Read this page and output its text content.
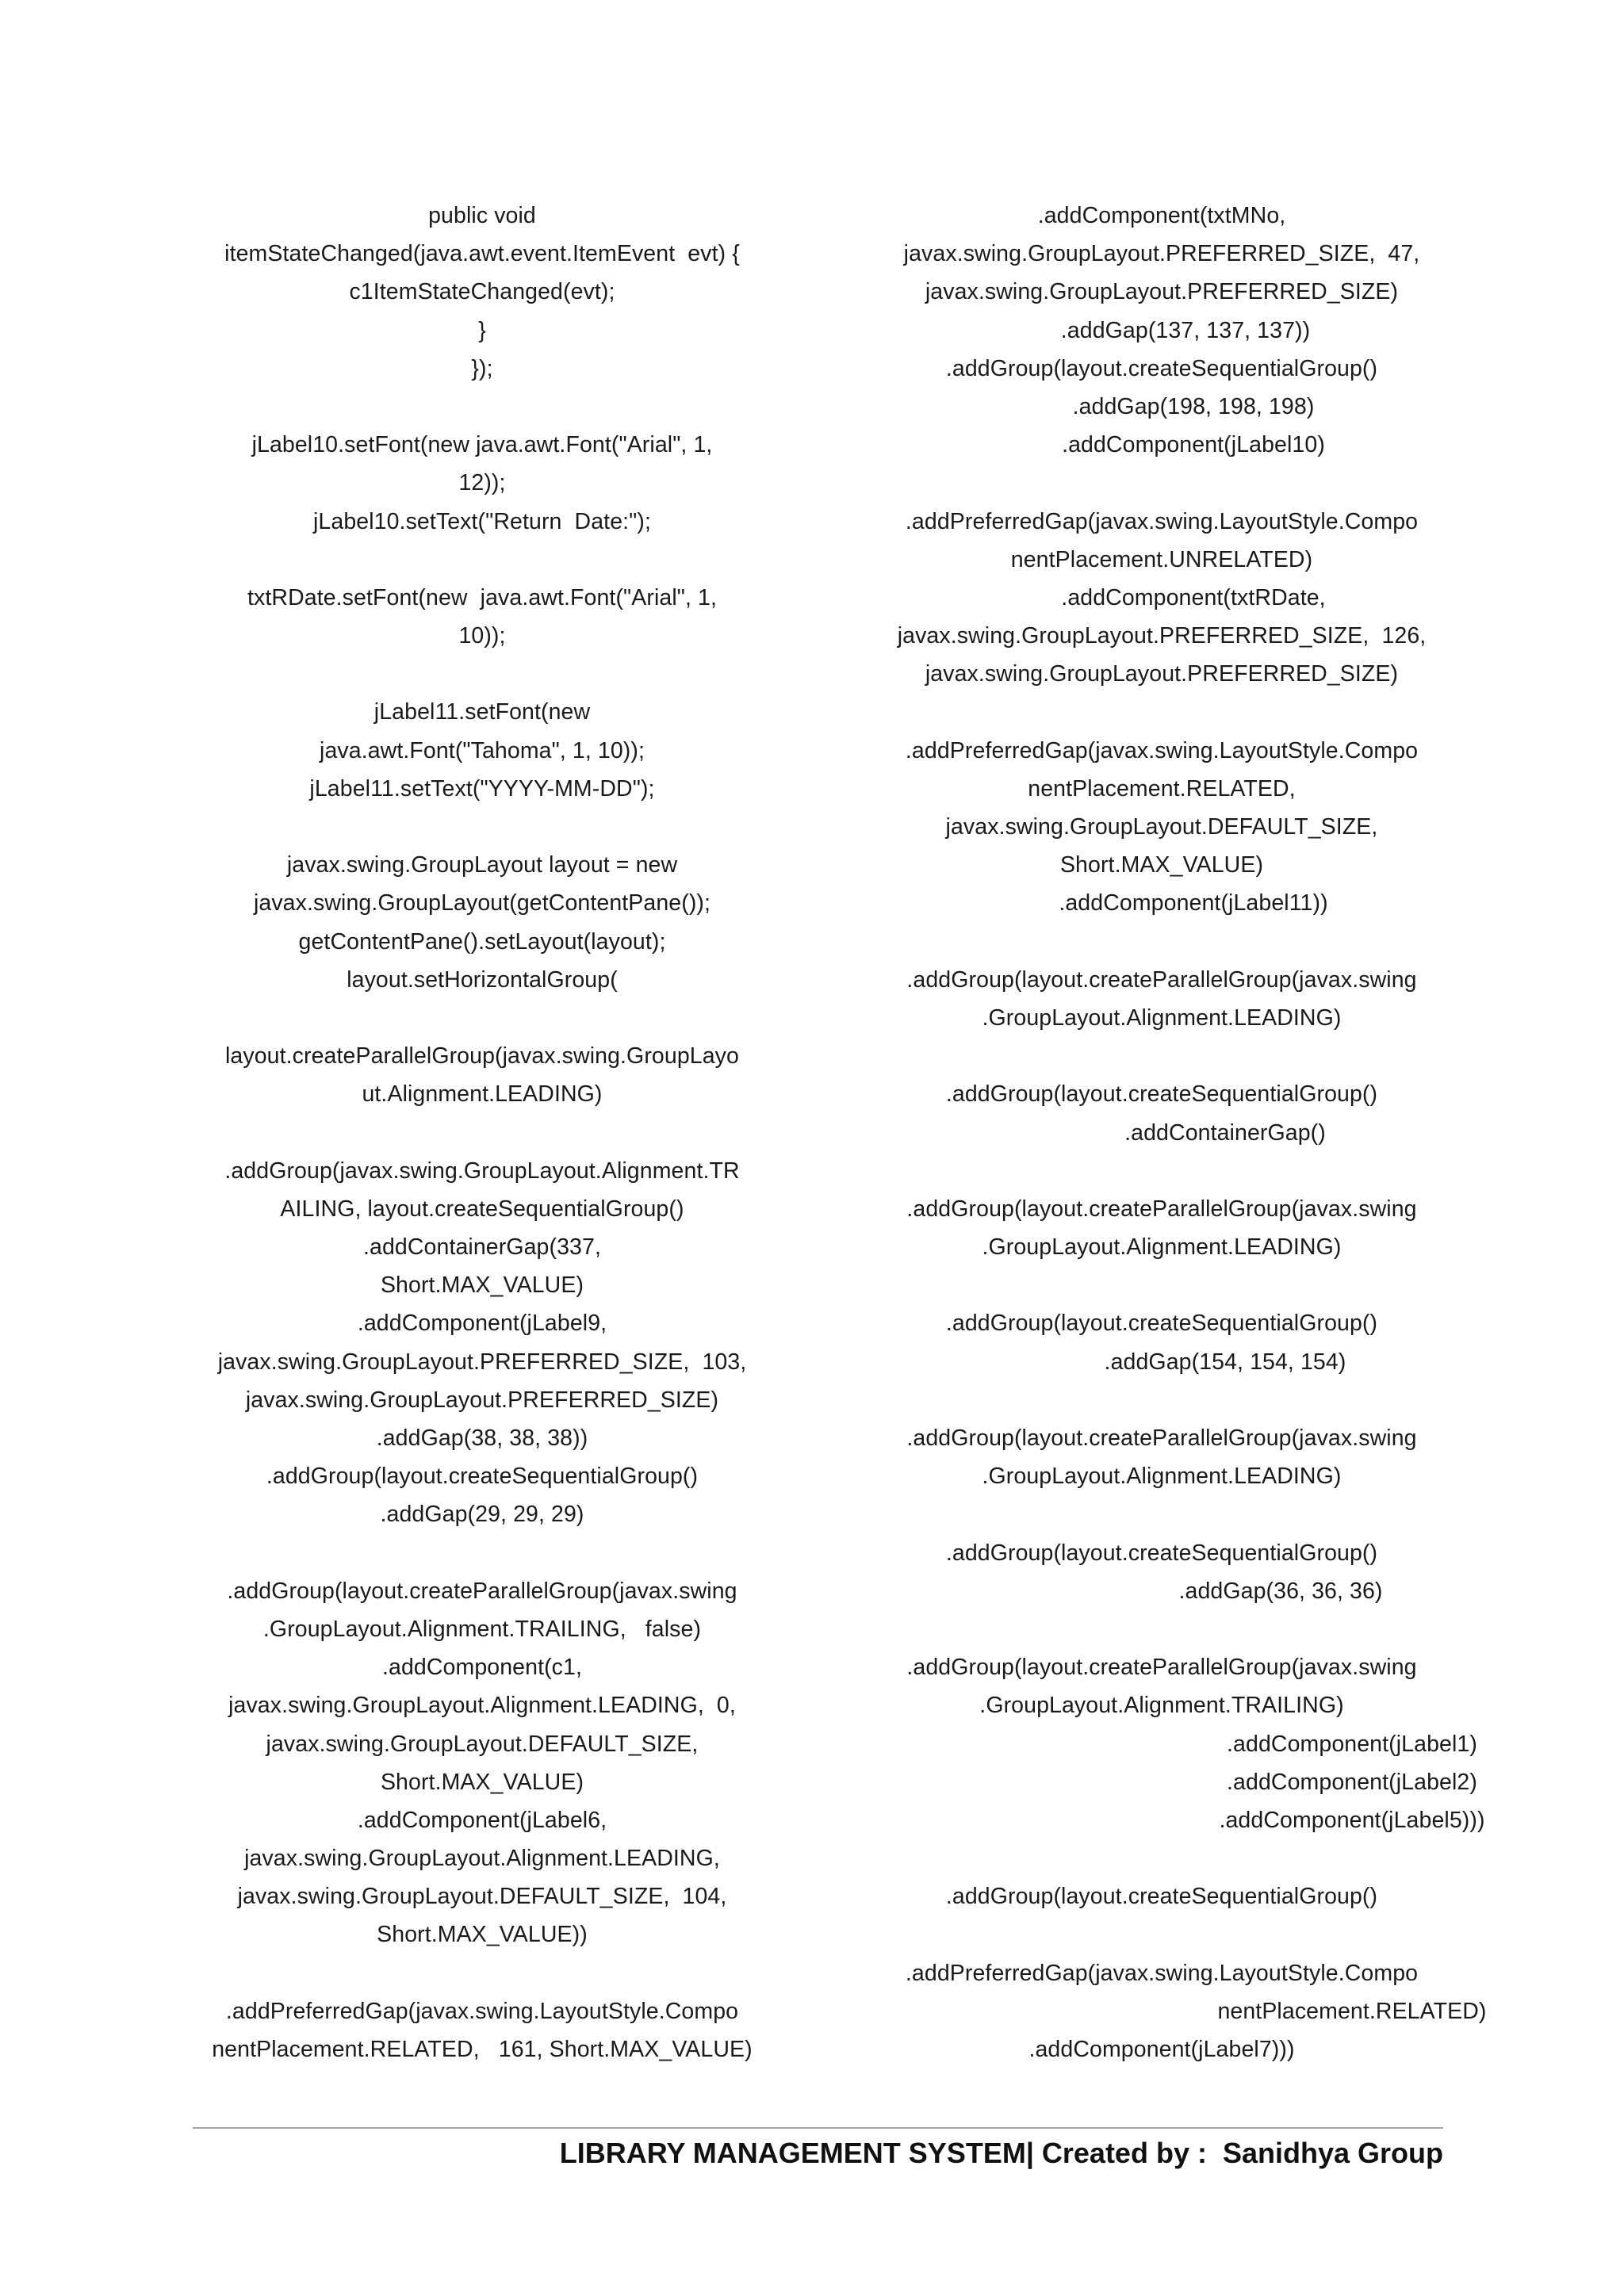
public void
itemStateChanged(java.awt.event.ItemEvent  evt) {
c1ItemStateChanged(evt);
}
});
jLabel10.setFont(new java.awt.Font("Arial", 1,
12));
jLabel10.setText("Return  Date:");
txtRDate.setFont(new  java.awt.Font("Arial", 1,
10));
jLabel11.setFont(new
java.awt.Font("Tahoma", 1, 10));
jLabel11.setText("YYYY-MM-DD");
javax.swing.GroupLayout layout = new
javax.swing.GroupLayout(getContentPane());
getContentPane().setLayout(layout);
layout.setHorizontalGroup(
layout.createParallelGroup(javax.swing.GroupLayo
ut.Alignment.LEADING)
.addGroup(javax.swing.GroupLayout.Alignment.TR
AILING, layout.createSequentialGroup()
.addContainerGap(337,
Short.MAX_VALUE)
.addComponent(jLabel9,
javax.swing.GroupLayout.PREFERRED_SIZE,  103,
javax.swing.GroupLayout.PREFERRED_SIZE)
.addGap(38, 38, 38))
.addGroup(layout.createSequentialGroup()
.addGap(29, 29, 29)
.addGroup(layout.createParallelGroup(javax.swing
.GroupLayout.Alignment.TRAILING,   false)
.addComponent(c1,
javax.swing.GroupLayout.Alignment.LEADING,  0,
javax.swing.GroupLayout.DEFAULT_SIZE,
Short.MAX_VALUE)
.addComponent(jLabel6,
javax.swing.GroupLayout.Alignment.LEADING,
javax.swing.GroupLayout.DEFAULT_SIZE,  104,
Short.MAX_VALUE))
.addPreferredGap(javax.swing.LayoutStyle.Compo
nentPlacement.RELATED,   161, Short.MAX_VALUE)
.addComponent(txtMNo,
javax.swing.GroupLayout.PREFERRED_SIZE,  47,
javax.swing.GroupLayout.PREFERRED_SIZE)
.addGap(137, 137, 137))
.addGroup(layout.createSequentialGroup()
.addGap(198, 198, 198)
.addComponent(jLabel10)
.addPreferredGap(javax.swing.LayoutStyle.Compo
nentPlacement.UNRELATED)
.addComponent(txtRDate,
javax.swing.GroupLayout.PREFERRED_SIZE,  126,
javax.swing.GroupLayout.PREFERRED_SIZE)
.addPreferredGap(javax.swing.LayoutStyle.Compo
nentPlacement.RELATED,
javax.swing.GroupLayout.DEFAULT_SIZE,
Short.MAX_VALUE)
.addComponent(jLabel11))
.addGroup(layout.createParallelGroup(javax.swing
.GroupLayout.Alignment.LEADING)
.addGroup(layout.createSequentialGroup()
.addContainerGap()
.addGroup(layout.createParallelGroup(javax.swing
.GroupLayout.Alignment.LEADING)
.addGroup(layout.createSequentialGroup()
.addGap(154, 154, 154)
.addGroup(layout.createParallelGroup(javax.swing
.GroupLayout.Alignment.LEADING)
.addGroup(layout.createSequentialGroup()
.addGap(36, 36, 36)
.addGroup(layout.createParallelGroup(javax.swing
.GroupLayout.Alignment.TRAILING)
.addComponent(jLabel1)
.addComponent(jLabel2)
.addComponent(jLabel5)))
.addGroup(layout.createSequentialGroup()
.addPreferredGap(javax.swing.LayoutStyle.Compo
nentPlacement.RELATED)
.addComponent(jLabel7)))
LIBRARY MANAGEMENT SYSTEM| Created by :  Sanidhya Group
